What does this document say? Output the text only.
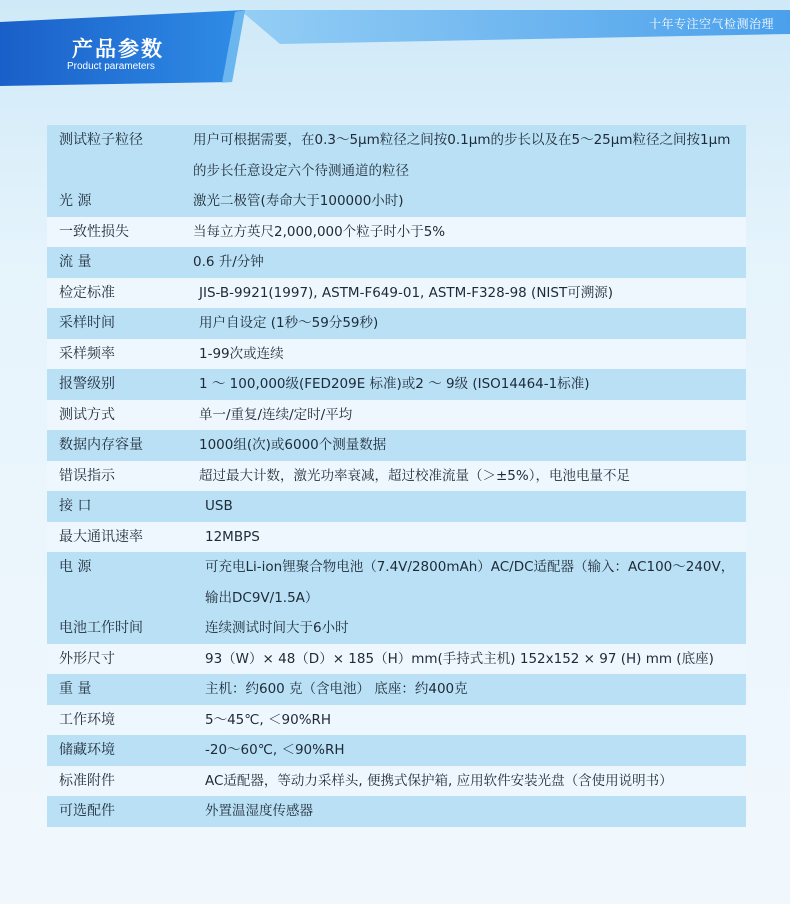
产品参数
Product parameters
十年专注空气检测治理
测试粒子粒径	用户可根据需要，在0.3～5μm粒径之间按0.1μm的步长以及在5～25μm粒径之间按1μm的步长任意设定六个待测通道的粒径
光 源	激光二极管(寿命大于100000小时)
一致性损失	当每立方英尺2,000,000个粒子时小于5%
流 量	0.6 升/分钟
检定标准	JIS-B-9921(1997), ASTM-F649-01, ASTM-F328-98 (NIST可溯源)
采样时间	用户自设定 (1秒～59分59秒)
采样频率	1-99次或连续
报警级别	1 ～ 100,000级(FED209E 标准)或2 ～ 9级 (ISO14464-1标准)
测试方式	单一/重复/连续/定时/平均
数据内存容量	1000组(次)或6000个测量数据
错误指示	超过最大计数，激光功率衰减，超过校准流量（＞±5%），电池电量不足
接 口	USB
最大通讯速率	12MBPS
电 源	可充电Li-ion锂聚合物电池（7.4V/2800mAh）AC/DC适配器（输入：AC100～240V，输出DC9V/1.5A）
电池工作时间	连续测试时间大于6小时
外形尺寸	93（W）× 48（D）× 185（H）mm(手持式主机) 152x152 × 97 (H) mm (底座)
重 量	主机：约600 克（含电池） 底座：约400克
工作环境	5～45℃, ＜90%RH
储藏环境	-20～60℃, ＜90%RH
标准附件	AC适配器，等动力采样头, 便携式保护箱, 应用软件安装光盘（含使用说明书）
可选配件	外置温湿度传感器
